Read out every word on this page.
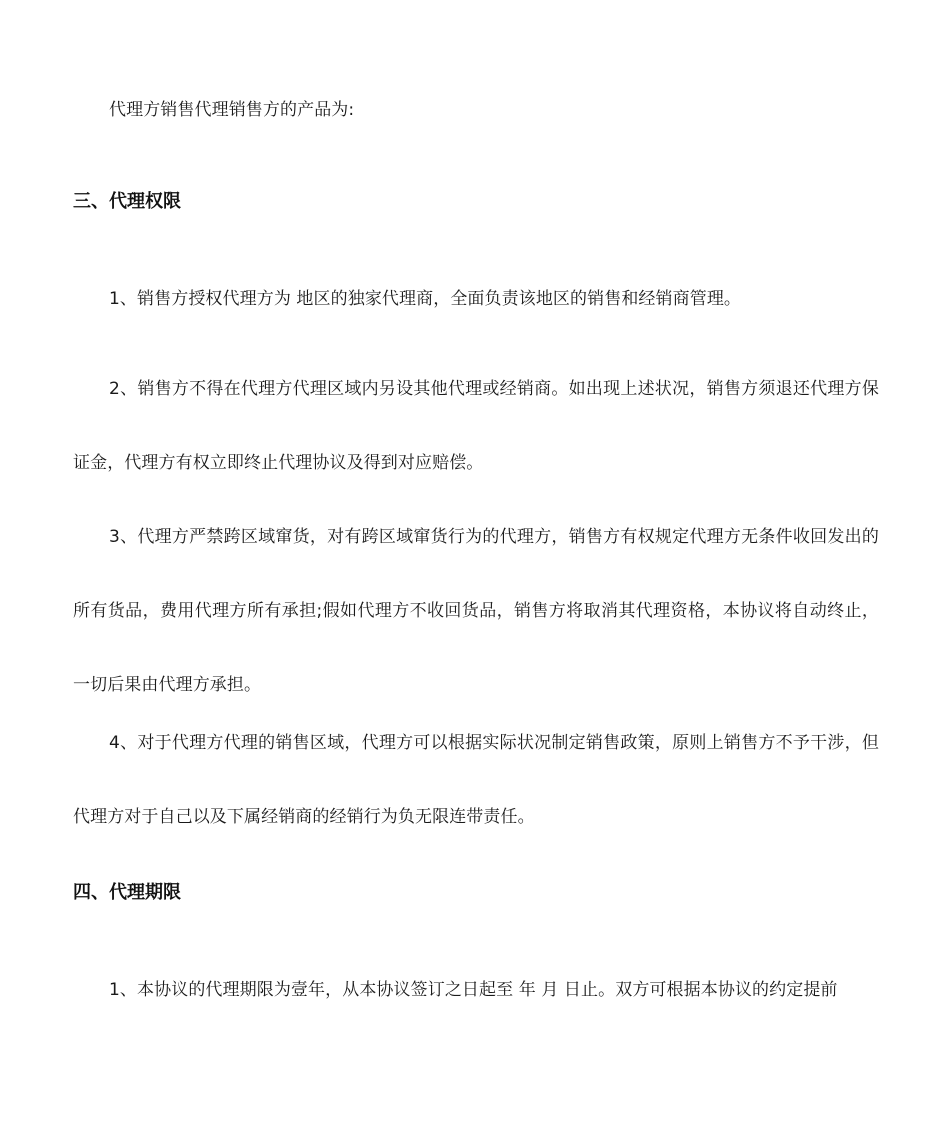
代理方销售代理销售方的产品为:

三、代理权限

1、销售方授权代理方为 地区的独家代理商，全面负责该地区的销售和经销商管理。

2、销售方不得在代理方代理区域内另设其他代理或经销商。如出现上述状况，销售方须退还代理方保证金，代理方有权立即终止代理协议及得到对应赔偿。

3、代理方严禁跨区域窜货，对有跨区域窜货行为的代理方，销售方有权规定代理方无条件收回发出的所有货品，费用代理方所有承担;假如代理方不收回货品，销售方将取消其代理资格，本协议将自动终止，一切后果由代理方承担。

4、对于代理方代理的销售区域，代理方可以根据实际状况制定销售政策，原则上销售方不予干涉，但代理方对于自己以及下属经销商的经销行为负无限连带责任。

四、代理期限

1、本协议的代理期限为壹年，从本协议签订之日起至 年 月 日止。双方可根据本协议的约定提前
